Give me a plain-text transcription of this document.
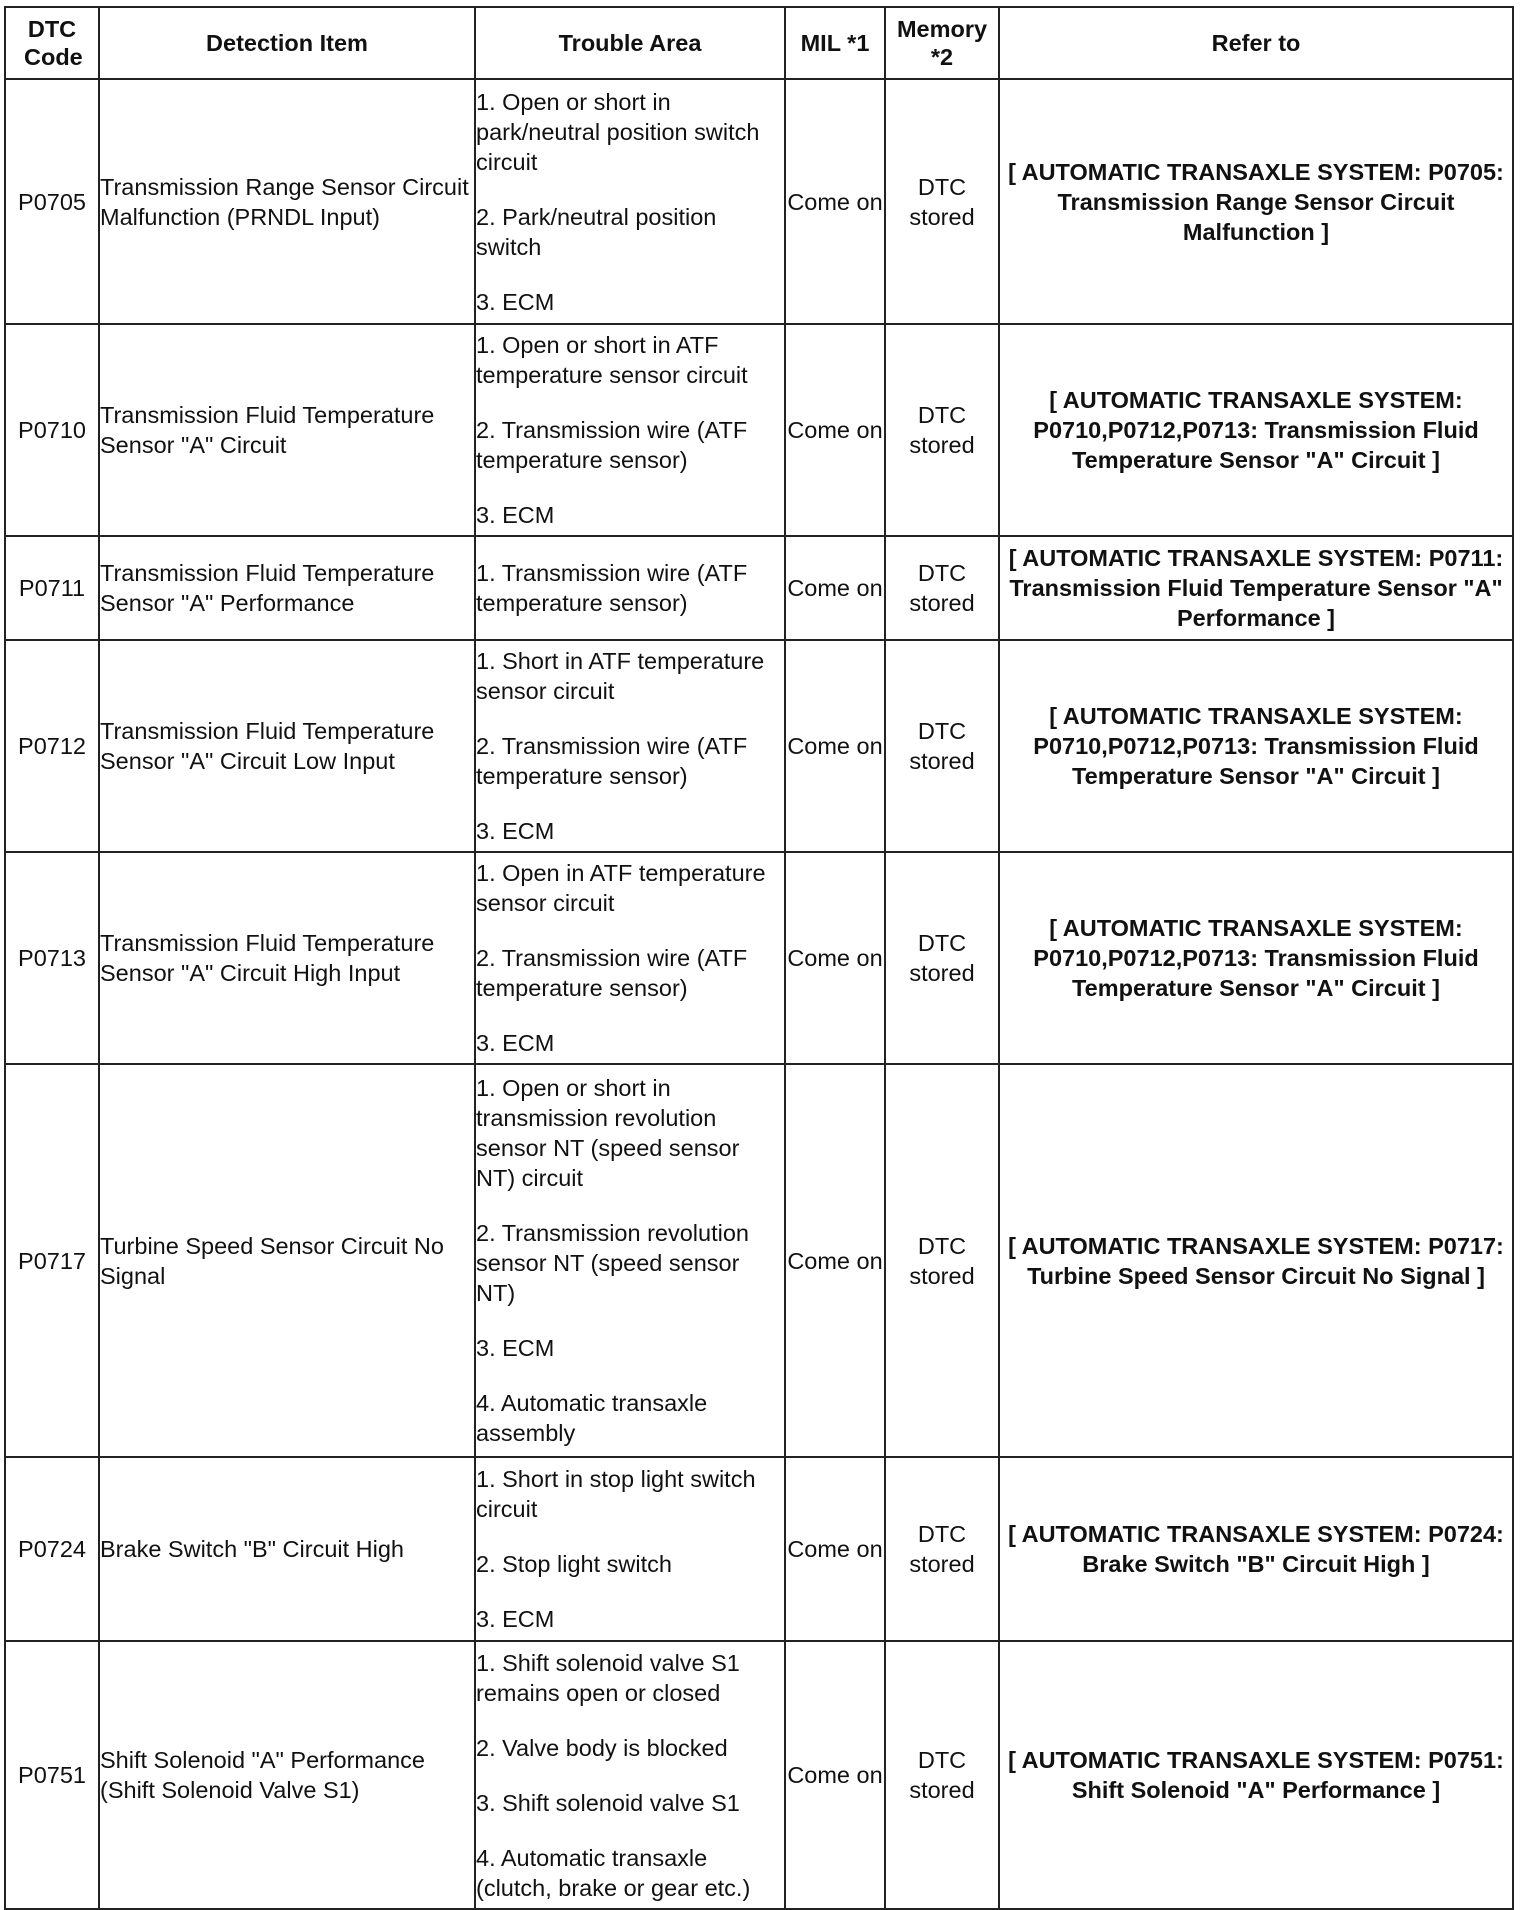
DTC Code	Detection Item	Trouble Area	MIL *1	Memory *2	Refer to
P0705	Transmission Range Sensor Circuit Malfunction (PRNDL Input)	1. Open or short in park/neutral position switch circuit
2. Park/neutral position switch
3. ECM	Come on	DTC stored	[ AUTOMATIC TRANSAXLE SYSTEM: P0705: Transmission Range Sensor Circuit Malfunction ]
P0710	Transmission Fluid Temperature Sensor "A" Circuit	1. Open or short in ATF temperature sensor circuit
2. Transmission wire (ATF temperature sensor)
3. ECM	Come on	DTC stored	[ AUTOMATIC TRANSAXLE SYSTEM: P0710,P0712,P0713: Transmission Fluid Temperature Sensor "A" Circuit ]
P0711	Transmission Fluid Temperature Sensor "A" Performance	1. Transmission wire (ATF temperature sensor)	Come on	DTC stored	[ AUTOMATIC TRANSAXLE SYSTEM: P0711: Transmission Fluid Temperature Sensor "A" Performance ]
P0712	Transmission Fluid Temperature Sensor "A" Circuit Low Input	1. Short in ATF temperature sensor circuit
2. Transmission wire (ATF temperature sensor)
3. ECM	Come on	DTC stored	[ AUTOMATIC TRANSAXLE SYSTEM: P0710,P0712,P0713: Transmission Fluid Temperature Sensor "A" Circuit ]
P0713	Transmission Fluid Temperature Sensor "A" Circuit High Input	1. Open in ATF temperature sensor circuit
2. Transmission wire (ATF temperature sensor)
3. ECM	Come on	DTC stored	[ AUTOMATIC TRANSAXLE SYSTEM: P0710,P0712,P0713: Transmission Fluid Temperature Sensor "A" Circuit ]
P0717	Turbine Speed Sensor Circuit No Signal	1. Open or short in transmission revolution sensor NT (speed sensor NT) circuit
2. Transmission revolution sensor NT (speed sensor NT)
3. ECM
4. Automatic transaxle assembly	Come on	DTC stored	[ AUTOMATIC TRANSAXLE SYSTEM: P0717: Turbine Speed Sensor Circuit No Signal ]
P0724	Brake Switch "B" Circuit High	1. Short in stop light switch circuit
2. Stop light switch
3. ECM	Come on	DTC stored	[ AUTOMATIC TRANSAXLE SYSTEM: P0724: Brake Switch "B" Circuit High ]
P0751	Shift Solenoid "A" Performance (Shift Solenoid Valve S1)	1. Shift solenoid valve S1 remains open or closed
2. Valve body is blocked
3. Shift solenoid valve S1
4. Automatic transaxle (clutch, brake or gear etc.)	Come on	DTC stored	[ AUTOMATIC TRANSAXLE SYSTEM: P0751: Shift Solenoid "A" Performance ]
